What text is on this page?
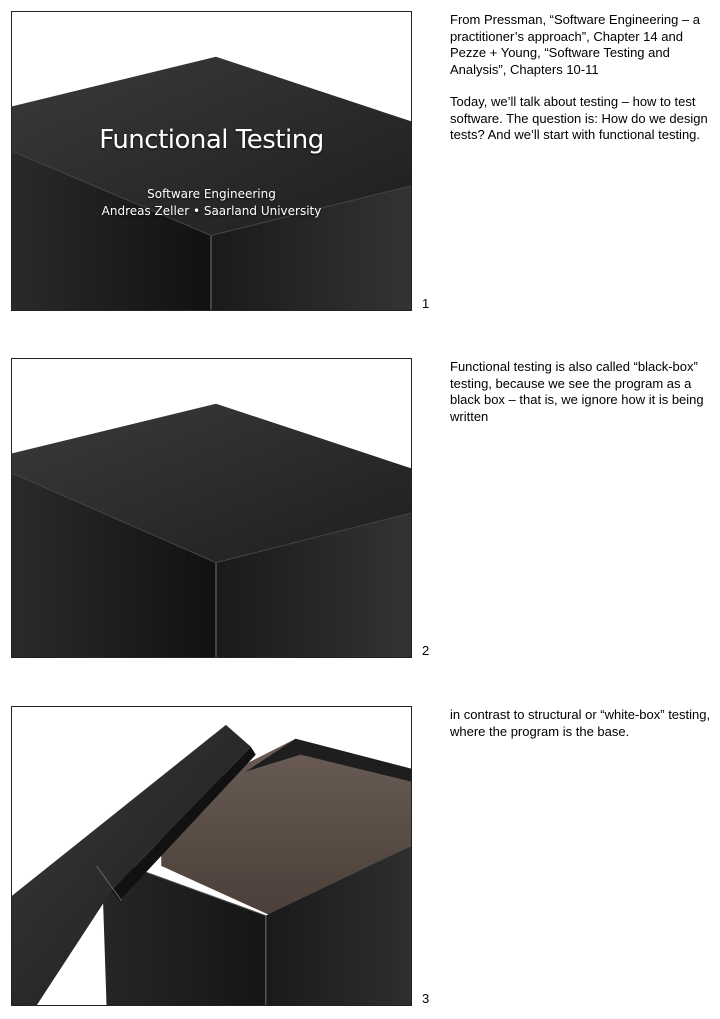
Functional Testing
Software Engineering
Andreas Zeller • Saarland University
1

From Pressman, “Software Engineering – a practitioner’s approach”, Chapter 14 and Pezze + Young, “Software Testing and Analysis”, Chapters 10-11

Today, we’ll talk about testing – how to test software. The question is: How do we design tests? And we’ll start with functional testing.

2

Functional testing is also called “black-box” testing, because we see the program as a black box – that is, we ignore how it is being written

3

in contrast to structural or “white-box” testing, where the program is the base.
